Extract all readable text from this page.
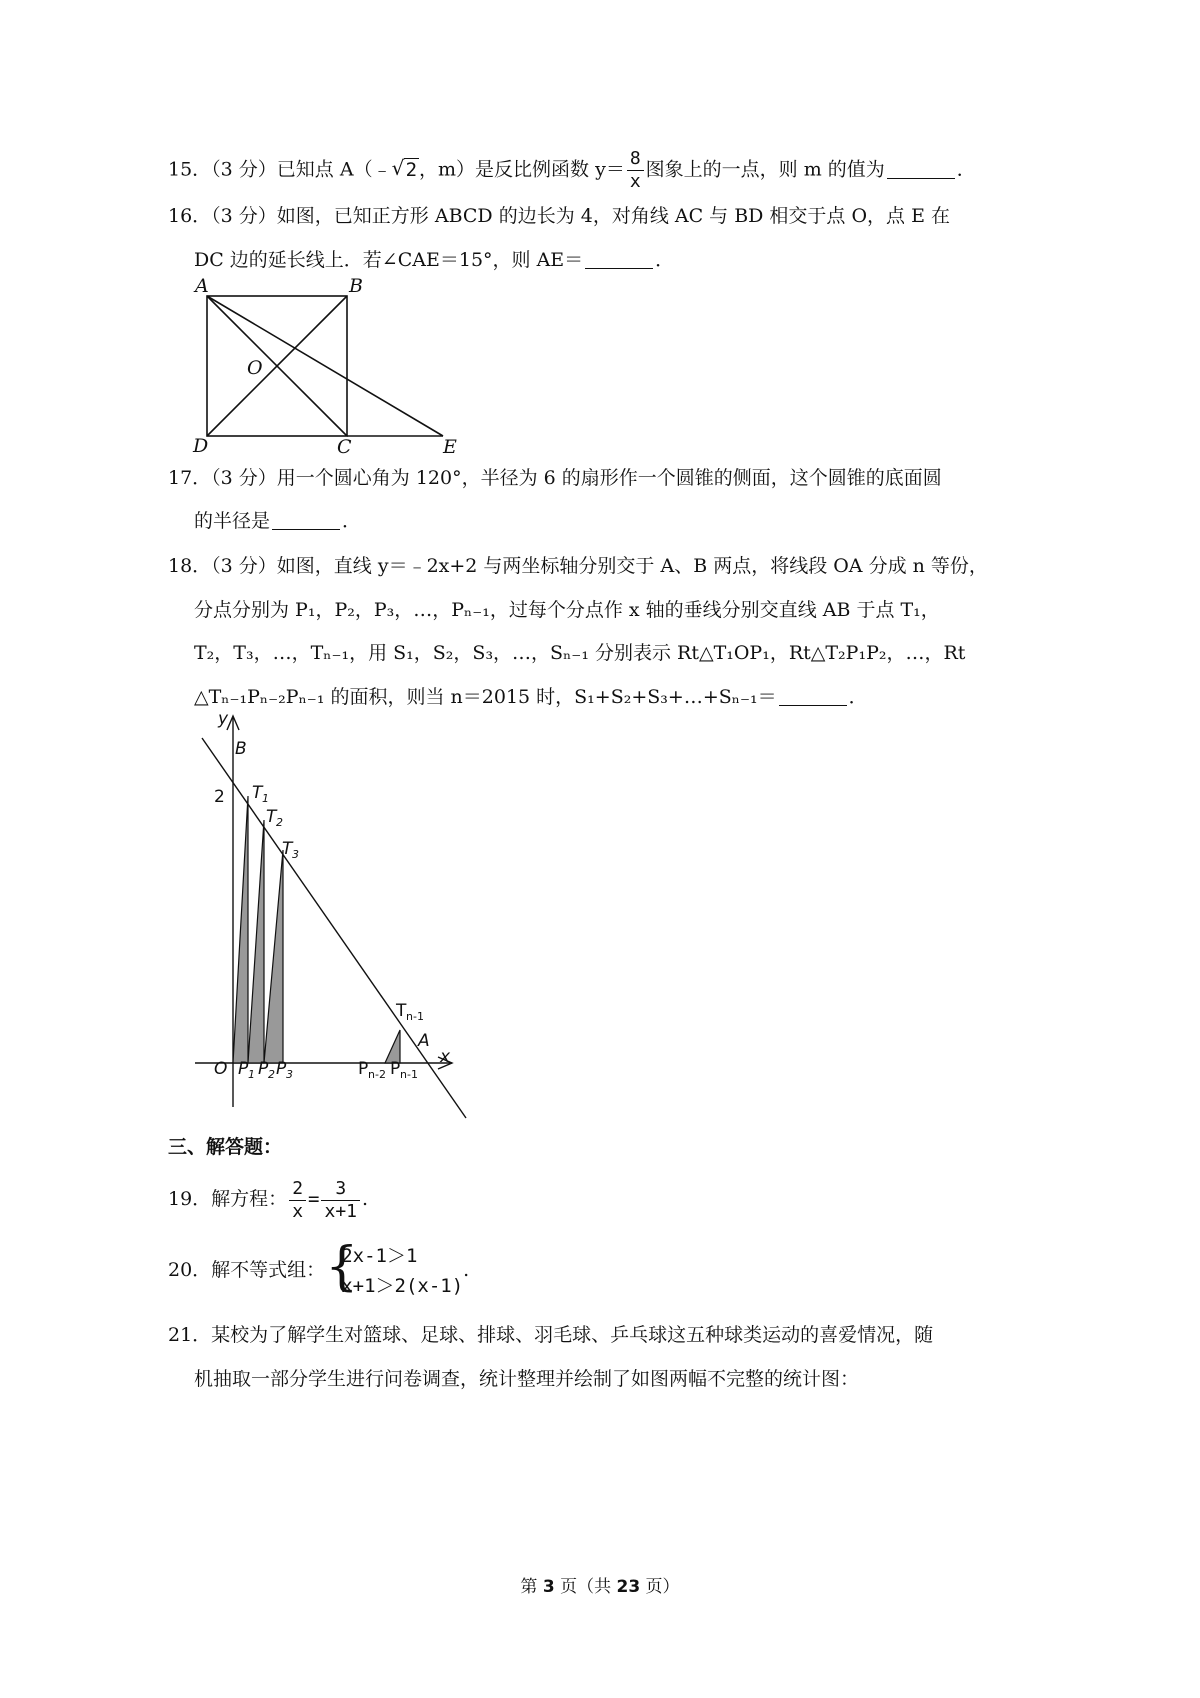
15．（3 分）已知点 A（﹣ √ 2 ，m）是反比例函数 $y= \frac{8}{x}$ 图象上的一点，则 m 的值为	．
16．（3 分）如图，已知正方形 ABCD 的边长为 4，对角线 AC 与 BD 相交于点 O，点 E 在
DC 边的延长线上．若∠CAE＝15°，则 AE＝	．
A	B
D	C
O
E
17．（3 分）用一个圆心角为 120°，半径为 6 的扇形作一个圆锥的侧面，这个圆锥的底面圆
的半径是	．
18．（3 分）如图，直线 y＝﹣2x+2 与两坐标轴分别交于 A、B 两点，将线段 OA 分成 n 等份，
分点分别为 P₁，P₂，P₃，…，Pₙ₋₁，过每个分点作 x 轴的垂线分别交直线 AB 于点 T₁，
T₂，T₃，…，Tₙ₋₁，用 S₁，S₂，S₃，…，Sₙ₋₁ 分别表示 Rt△T₁OP₁，Rt△T₂P₁P₂，…，Rt
△Tₙ₋₁Pₙ₋₂Pₙ₋₁ 的面积，则当 n＝2015 时，S₁+S₂+S₃+…+Sₙ₋₁＝	．
y
x
B
2
O
A
T 1
T 2
T 3
T n-1
P 1 P 2 P 3	P n-2 P n-1
三、解答题：
19．解方程： $\frac{2}{x} = \frac{3}{x+1}$ .
20．解不等式组： {
2x-1＞1
x+1＞2(x-1)
.
21．某校为了解学生对篮球、足球、排球、羽毛球、乒乓球这五种球类运动的喜爱情况，随
机抽取一部分学生进行问卷调查，统计整理并绘制了如图两幅不完整的统计图：
第 3 页（共 23 页）
